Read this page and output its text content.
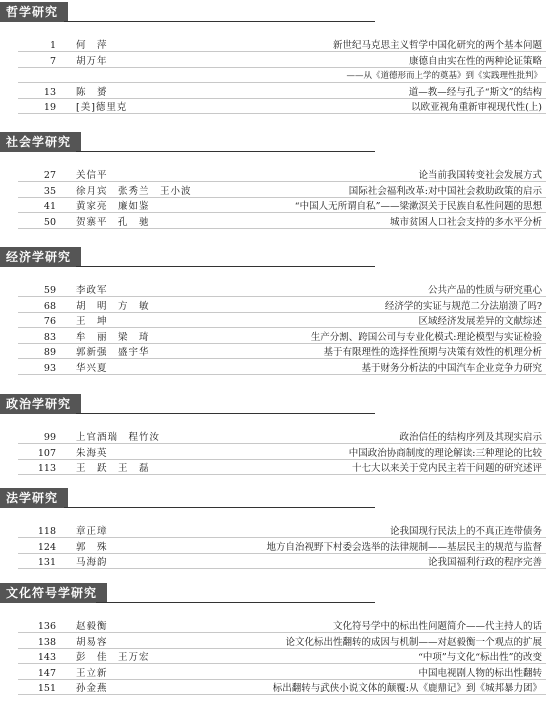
哲学研究
1 何　萍	新世纪马克思主义哲学中国化研究的两个基本问题
7 胡万年	康德自由实在性的两种论证策略
——从《道德形而上学的奠基》到《实践理性批判》
13 陈　赟	道—教—经与孔子“斯文”的结构
19 [美]德里克	以欧亚视角重新审视现代性(上)
社会学研究
27 关信平	论当前我国转变社会发展方式
35 徐月宾　张秀兰　王小波	国际社会福利改革:对中国社会救助政策的启示
41 黄家亮　廉如鉴	“中国人无所谓自私”——梁漱溟关于民族自私性问题的思想
50 贺寨平　孔　驰	城市贫困人口社会支持的多水平分析
经济学研究
59 李政军	公共产品的性质与研究重心
68 胡　明　方　敏	经济学的实证与规范二分法崩溃了吗?
76 王　坤	区域经济发展差异的文献综述
83 牟　丽　梁　琦	生产分割、跨国公司与专业化模式:理论模型与实证检验
89 郭新强　盛宇华	基于有限理性的选择性预期与决策有效性的机理分析
93 华兴夏	基于财务分析法的中国汽车企业竞争力研究
政治学研究
99 上官酒瑞　程竹汝	政治信任的结构序列及其现实启示
107 朱海英	中国政治协商制度的理论解读:三种理论的比较
113 王　跃　王　磊	十七大以来关于党内民主若干问题的研究述评
法学研究
118 章正璋	论我国现行民法上的不真正连带债务
124 郭　殊	地方自治视野下村委会选举的法律规制——基层民主的规范与监督
131 马海韵	论我国福利行政的程序完善
文化符号学研究
136 赵毅衡	文化符号学中的标出性问题简介——代主持人的话
138 胡易容	论文化标出性翻转的成因与机制——对赵毅衡一个观点的扩展
143 彭　佳　王万宏	“中项”与文化“标出性”的改变
147 王立新	中国电视剧人物的标出性翻转
151 孙金燕	标出翻转与武侠小说文体的颠覆:从《鹿鼎记》到《城邦暴力团》
